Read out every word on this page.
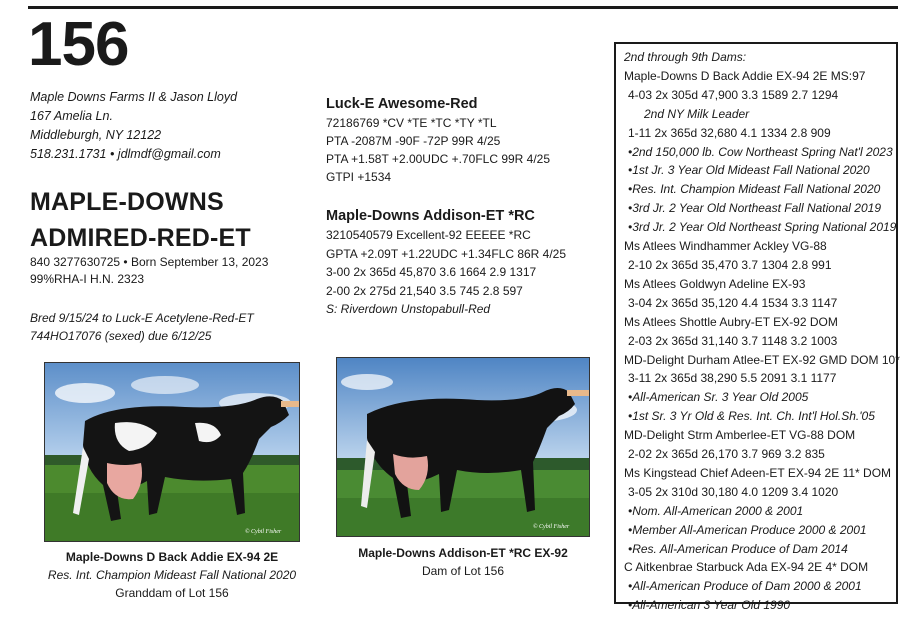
156
Maple Downs Farms II & Jason Lloyd
167 Amelia Ln.
Middleburgh, NY 12122
518.231.1731 • jdlmdf@gmail.com
MAPLE-DOWNS
ADMIRED-RED-ET
840 3277630725 • Born September 13, 2023
99%RHA-I H.N. 2323
Bred 9/15/24 to Luck-E Acetylene-Red-ET
744HO17076 (sexed) due 6/12/25
Luck-E Awesome-Red
72186769 *CV *TE *TC *TY *TL
PTA -2087M -90F -72P 99R 4/25
PTA +1.58T +2.00UDC +.70FLC 99R 4/25
GTPI +1534
Maple-Downs Addison-ET *RC
3210540579 Excellent-92 EEEEE *RC
GPTA +2.09T +1.22UDC +1.34FLC 86R 4/25
3-00 2x 365d 45,870 3.6 1664 2.9 1317
2-00 2x 275d 21,540 3.5 745 2.8 597
S: Riverdown Unstopabull-Red
© Cybil Fisher
© Cybil Fisher
Maple-Downs D Back Addie EX-94 2E
Res. Int. Champion Mideast Fall National 2020
Granddam of Lot 156
Maple-Downs Addison-ET *RC EX-92
Dam of Lot 156
2nd through 9th Dams:
Maple-Downs D Back Addie EX-94 2E MS:97
4-03 2x 305d 47,900 3.3 1589 2.7 1294
2nd NY Milk Leader
1-11 2x 365d 32,680 4.1 1334 2.8 909
•2nd 150,000 lb. Cow Northeast Spring Nat'l 2023
•1st Jr. 3 Year Old Mideast Fall National 2020
•Res. Int. Champion Mideast Fall National 2020
•3rd Jr. 2 Year Old Northeast Fall National 2019
•3rd Jr. 2 Year Old Northeast Spring National 2019
Ms Atlees Windhammer Ackley VG-88
2-10 2x 365d 35,470 3.7 1304 2.8 991
Ms Atlees Goldwyn Adeline EX-93
3-04 2x 365d 35,120 4.4 1534 3.3 1147
Ms Atlees Shottle Aubry-ET EX-92 DOM
2-03 2x 365d 31,140 3.7 1148 3.2 1003
MD-Delight Durham Atlee-ET EX-92 GMD DOM 10*
3-11 2x 365d 38,290 5.5 2091 3.1 1177
•All-American Sr. 3 Year Old 2005
•1st Sr. 3 Yr Old & Res. Int. Ch. Int'l Hol.Sh.'05
MD-Delight Strm Amberlee-ET VG-88 DOM
2-02 2x 365d 26,170 3.7 969 3.2 835
Ms Kingstead Chief Adeen-ET EX-94 2E 11* DOM
3-05 2x 310d 30,180 4.0 1209 3.4 1020
•Nom. All-American 2000 & 2001
•Member All-American Produce 2000 & 2001
•Res. All-American Produce of Dam 2014
C Aitkenbrae Starbuck Ada EX-94 2E 4* DOM
•All-American Produce of Dam 2000 & 2001
•All-American 3 Year Old 1990
